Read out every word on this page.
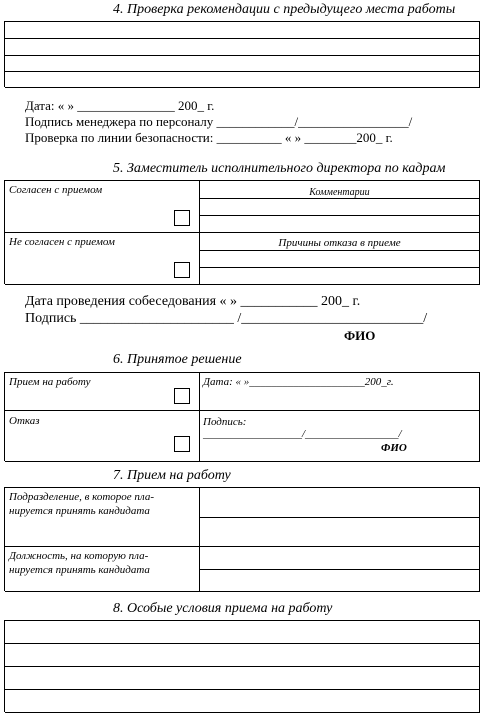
4. Проверка рекомендации с предыдущего места работы
Дата: « » _______________ 200_ г.
Подпись менеджера по персоналу ____________/_________________/
Проверка по линии безопасности: __________ « » ________200_ г.
5. Заместитель исполнительного директора по кадрам
Согласен с приемом	Комментарии
Не согласен с приемом	Причины отказа в приеме
Дата проведения собеседования « » ___________ 200_ г.
Подпись ______________________ /__________________________/
ФИО
6. Принятое решение
Прием на работу	Дата: « »_____________________200_г.
Отказ	Подпись:
__________________/_________________/
ФИО
7. Прием на работу
Подразделение, в которое пла-
нируется принять кандидата
Должность, на которую пла-
нируется принять кандидата
8. Особые условия приема на работу
